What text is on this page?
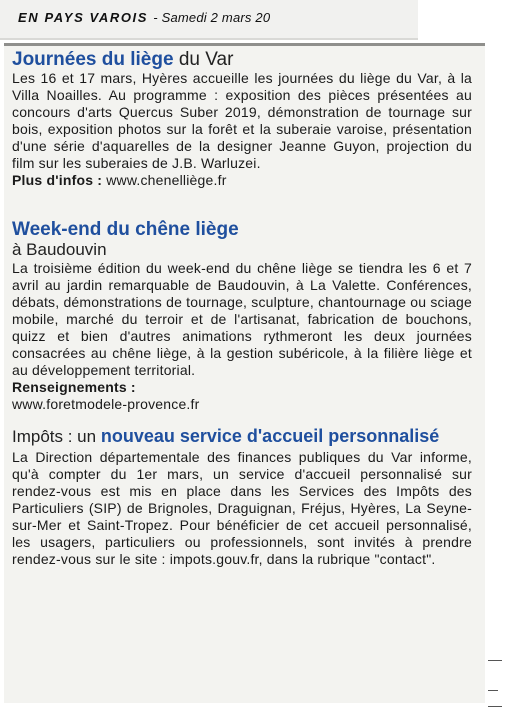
EN PAYS VAROIS - Samedi 2 mars 20
Journées du liège du Var
Les 16 et 17 mars, Hyères accueille les journées du liège du Var, à la Villa Noailles. Au programme : exposition des pièces présentées au concours d'arts Quercus Suber 2019, démonstration de tournage sur bois, exposition photos sur la forêt et la suberaie varoise, présentation d'une série d'aquarelles de la designer Jeanne Guyon, projection du film sur les suberaies de J.B. Warluzei.
Plus d'infos : www.chenelliège.fr
Week-end du chêne liège
à Baudouvin
La troisième édition du week-end du chêne liège se tiendra les 6 et 7 avril au jardin remarquable de Baudouvin, à La Valette. Conférences, débats, démonstrations de tournage, sculpture, chantournage ou sciage mobile, marché du terroir et de l'artisanat, fabrication de bouchons, quizz et bien d'autres animations rythmeront les deux journées consacrées au chêne liège, à la gestion subéricole, à la filière liège et au développement territorial.
Renseignements :
www.foretmodele-provence.fr
Impôts : un nouveau service d'accueil personnalisé
La Direction départementale des finances publiques du Var informe, qu'à compter du 1er mars, un service d'accueil personnalisé sur rendez-vous est mis en place dans les Services des Impôts des Particuliers (SIP) de Brignoles, Draguignan, Fréjus, Hyères, La Seyne-sur-Mer et Saint-Tropez. Pour bénéficier de cet accueil personnalisé, les usagers, particuliers ou professionnels, sont invités à prendre rendez-vous sur le site : impots.gouv.fr, dans la rubrique "contact".
